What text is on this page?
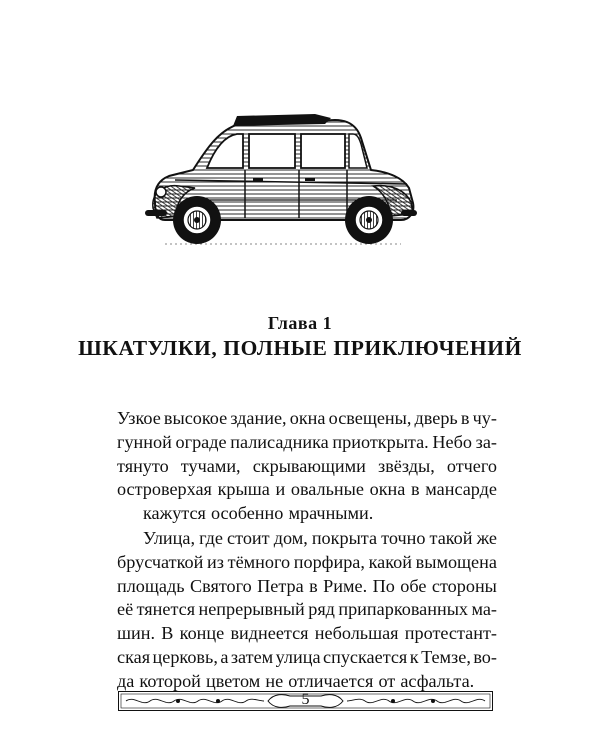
Глава 1
ШКАТУЛКИ, ПОЛНЫЕ ПРИКЛЮЧЕНИЙ
Узкое высокое здание, окна освещены, дверь в чу-
гунной ограде палисадника приоткрыта. Небо за-
тянуто тучами, скрывающими звёзды, отчего
островерхая крыша и овальные окна в мансарде
кажутся особенно мрачными.
Улица, где стоит дом, покрыта точно такой же
брусчаткой из тёмного порфира, какой вымощена
площадь Святого Петра в Риме. По обе стороны
её тянется непрерывный ряд припаркованных ма-
шин. В конце виднеется небольшая протестант-
ская церковь, а затем улица спускается к Темзе, во-
да которой цветом не отличается от асфальта.
5
